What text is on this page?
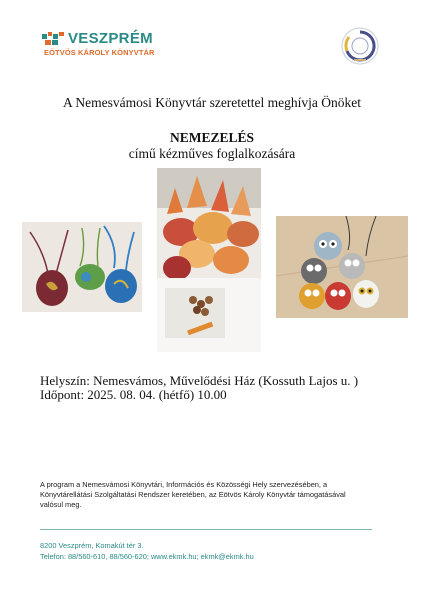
VESZPRÉM
EÖTVÖS KÁROLY KÖNYVTÁR
A Nemesvámosi Könyvtár szeretettel meghívja Önöket
NEMEZELÉS
című kézműves foglalkozására
Helyszín: Nemesvámos, Művelődési Ház (Kossuth Lajos u. )
Időpont: 2025. 08. 04. (hétfő) 10.00
A program a Nemesvámosi Könyvtári, Információs és Közösségi Hely szervezésében, a Könyvtárellátási Szolgáltatási Rendszer keretében, az Eötvös Károly Könyvtár támogatásával valósul meg.
8200 Veszprém, Komakút tér 3.
Telefon: 88/560-610, 88/560-620; www.ekmk.hu; ekmk@ekmk.hu
